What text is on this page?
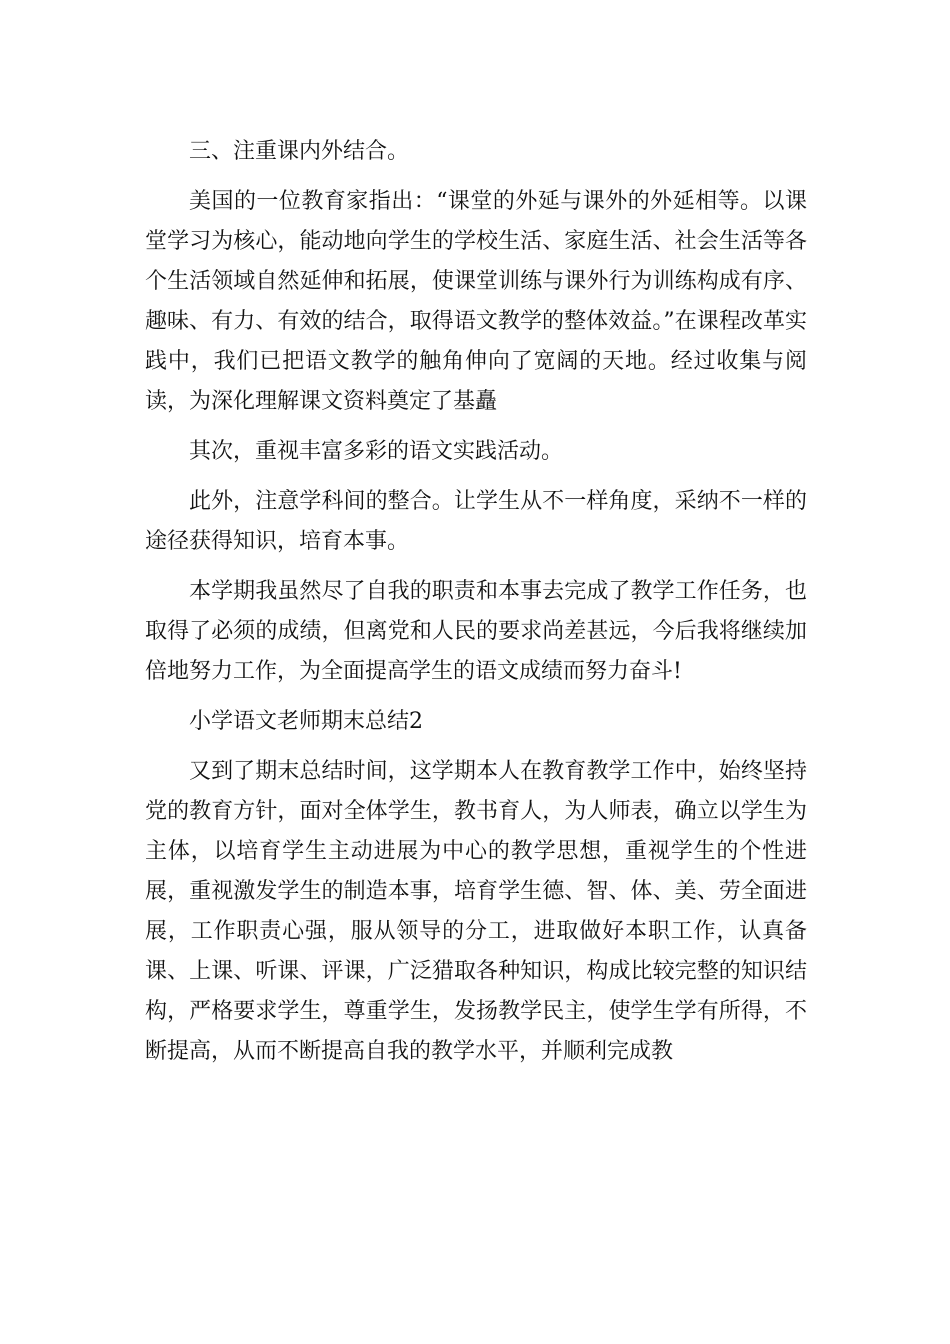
三、注重课内外结合。

美国的一位教育家指出：“课堂的外延与课外的外延相等。以课堂学习为核心，能动地向学生的学校生活、家庭生活、社会生活等各个生活领域自然延伸和拓展，使课堂训练与课外行为训练构成有序、趣味、有力、有效的结合，取得语文教学的整体效益。”在课程改革实践中，我们已把语文教学的触角伸向了宽阔的天地。经过收集与阅读，为深化理解课文资料奠定了基矗

其次，重视丰富多彩的语文实践活动。

此外，注意学科间的整合。让学生从不一样角度，采纳不一样的途径获得知识，培育本事。

本学期我虽然尽了自我的职责和本事去完成了教学工作任务，也取得了必须的成绩，但离党和人民的要求尚差甚远，今后我将继续加倍地努力工作，为全面提高学生的语文成绩而努力奋斗!

小学语文老师期末总结2

又到了期末总结时间，这学期本人在教育教学工作中，始终坚持党的教育方针，面对全体学生，教书育人，为人师表，确立以学生为主体，以培育学生主动进展为中心的教学思想，重视学生的个性进展，重视激发学生的制造本事，培育学生德、智、体、美、劳全面进展，工作职责心强，服从领导的分工，进取做好本职工作，认真备课、上课、听课、评课，广泛猎取各种知识，构成比较完整的知识结构，严格要求学生，尊重学生，发扬教学民主，使学生学有所得，不断提高，从而不断提高自我的教学水平，并顺利完成教
